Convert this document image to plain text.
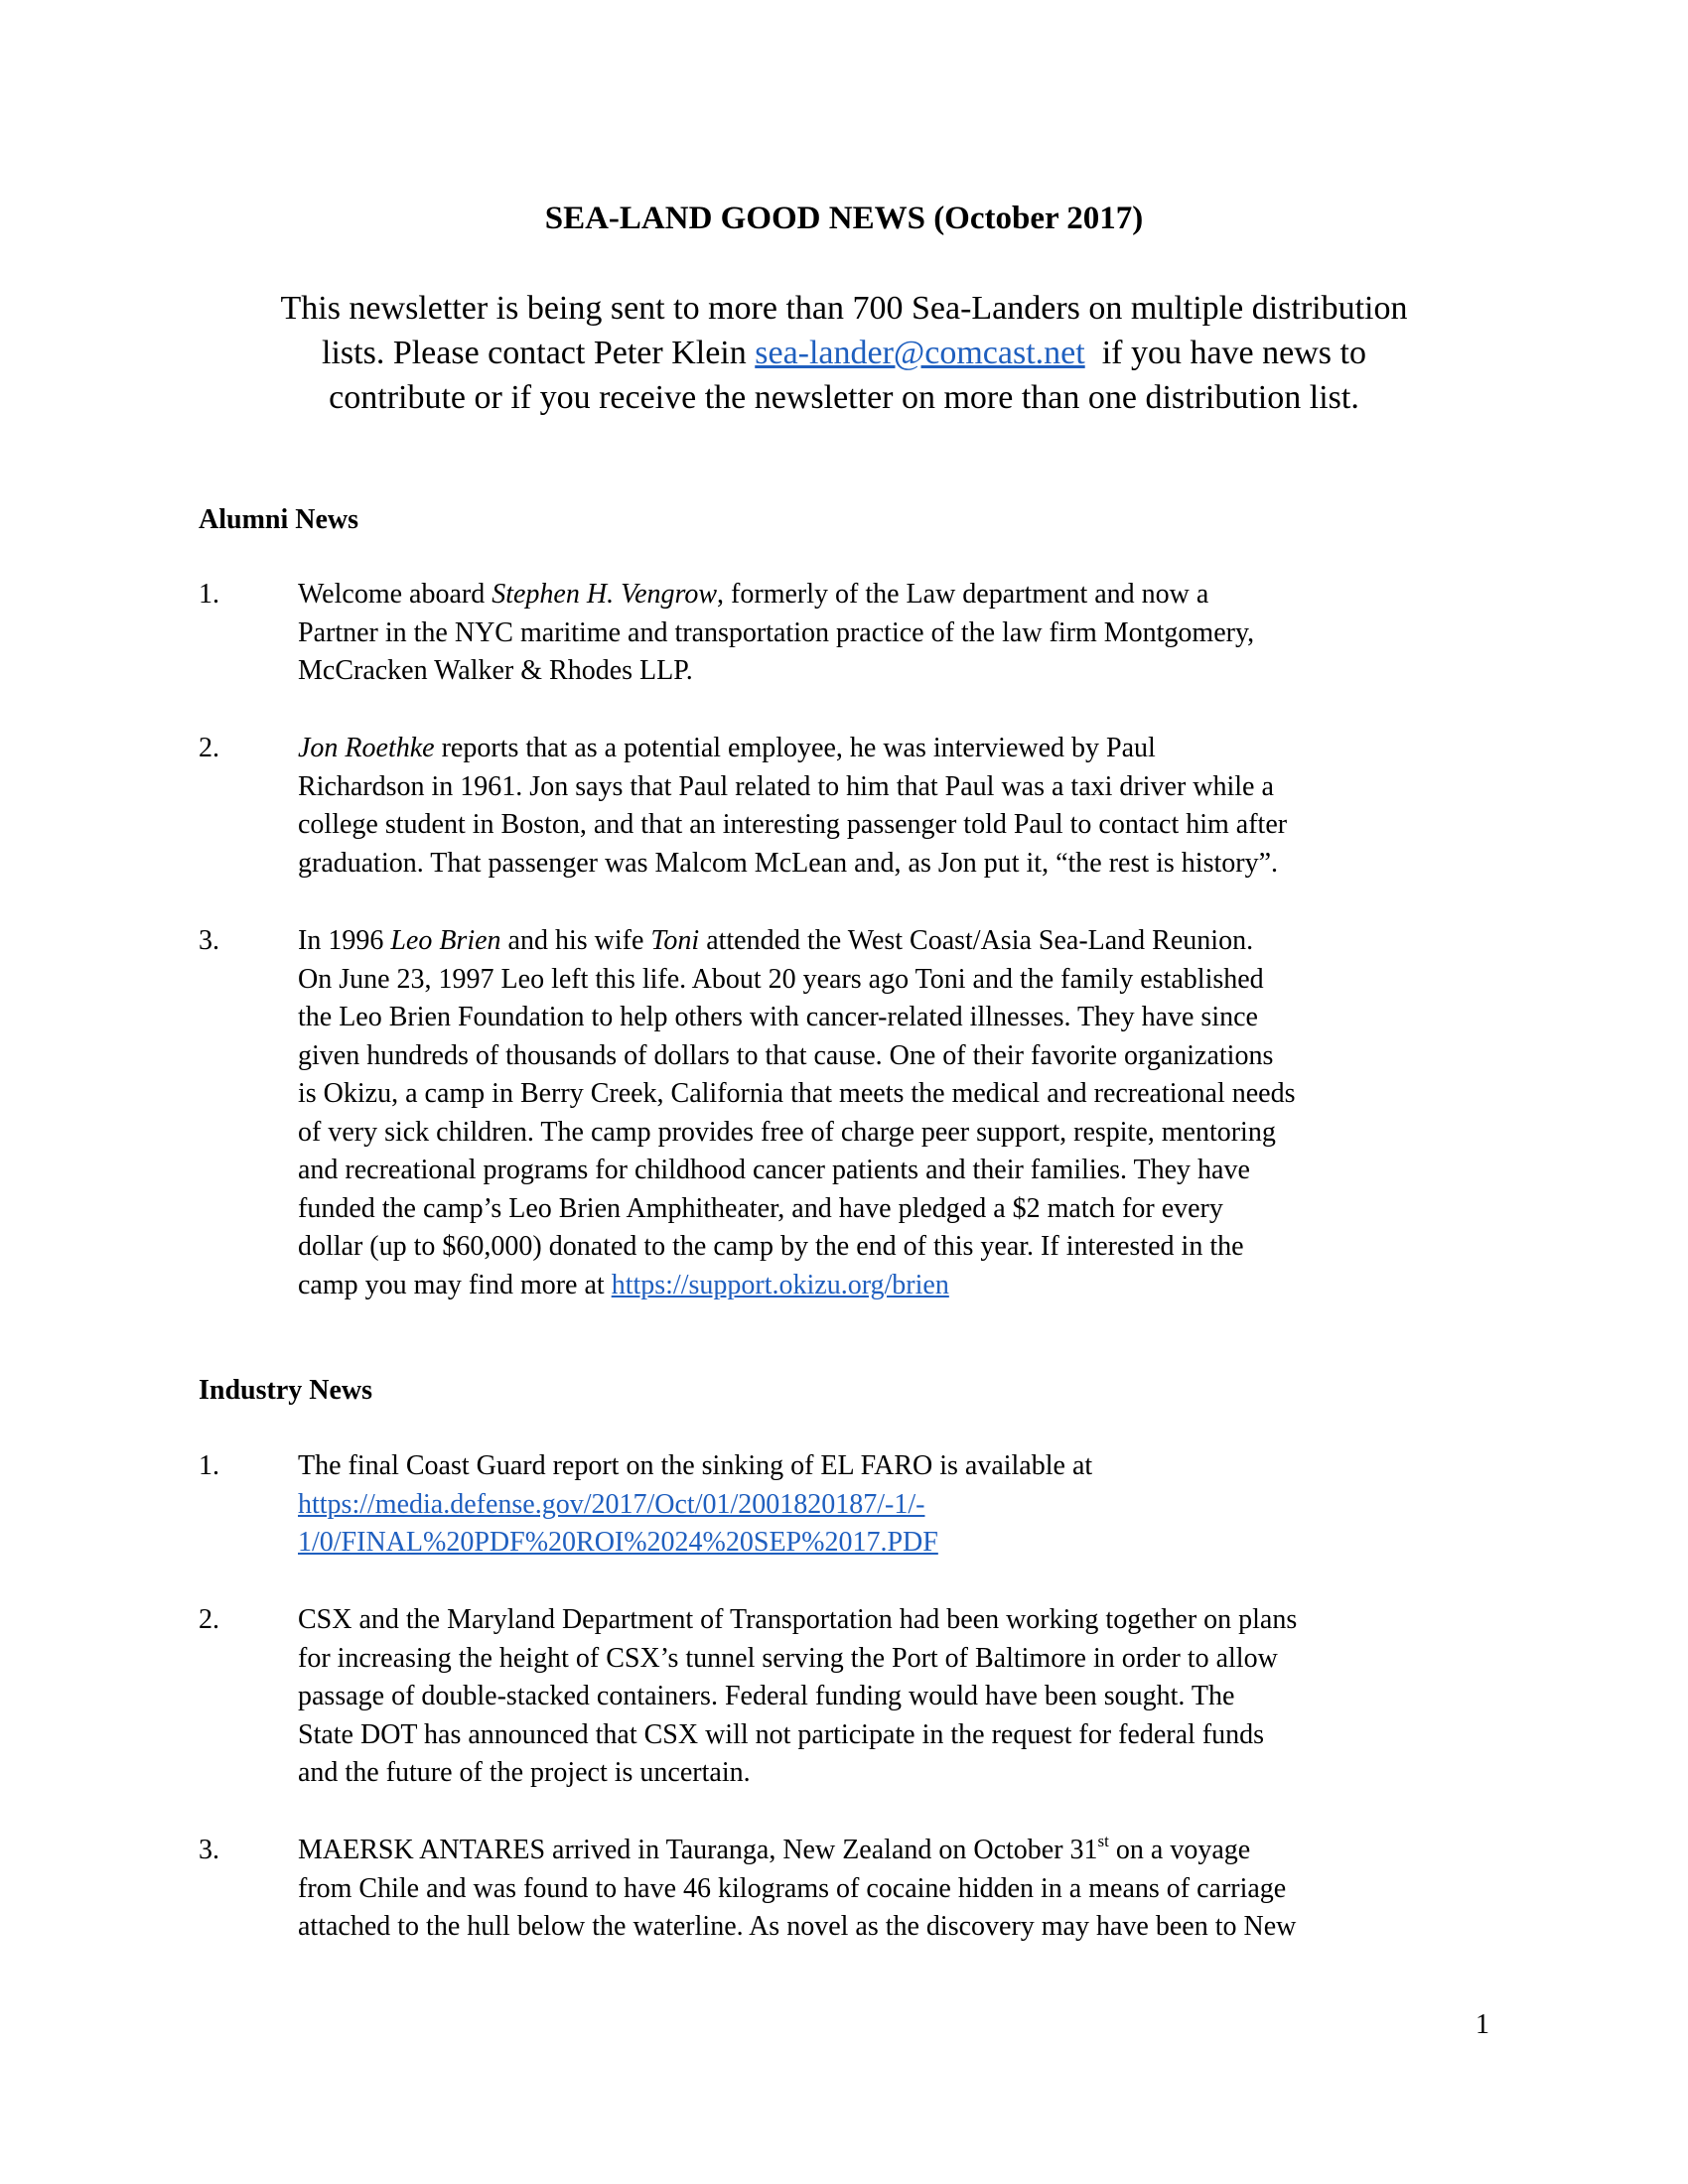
SEA-LAND GOOD NEWS (October 2017)
This newsletter is being sent to more than 700 Sea-Landers on multiple distribution
lists. Please contact Peter Klein sea-lander@comcast.net  if you have news to
contribute or if you receive the newsletter on more than one distribution list.
Alumni News
1.	Welcome aboard Stephen H. Vengrow, formerly of the Law department and now a
Partner in the NYC maritime and transportation practice of the law firm Montgomery,
McCracken Walker & Rhodes LLP.
2.	Jon Roethke reports that as a potential employee, he was interviewed by Paul
Richardson in 1961. Jon says that Paul related to him that Paul was a taxi driver while a
college student in Boston, and that an interesting passenger told Paul to contact him after
graduation. That passenger was Malcom McLean and, as Jon put it, “the rest is history”.
3.	In 1996 Leo Brien and his wife Toni attended the West Coast/Asia Sea-Land Reunion.
On June 23, 1997 Leo left this life. About 20 years ago Toni and the family established
the Leo Brien Foundation to help others with cancer-related illnesses. They have since
given hundreds of thousands of dollars to that cause. One of their favorite organizations
is Okizu, a camp in Berry Creek, California that meets the medical and recreational needs
of very sick children. The camp provides free of charge peer support, respite, mentoring
and recreational programs for childhood cancer patients and their families. They have
funded the camp’s Leo Brien Amphitheater, and have pledged a $2 match for every
dollar (up to $60,000) donated to the camp by the end of this year. If interested in the
camp you may find more at https://support.okizu.org/brien
Industry News
1.	The final Coast Guard report on the sinking of EL FARO is available at
https://media.defense.gov/2017/Oct/01/2001820187/-1/-
1/0/FINAL%20PDF%20ROI%2024%20SEP%2017.PDF
2.	CSX and the Maryland Department of Transportation had been working together on plans
for increasing the height of CSX’s tunnel serving the Port of Baltimore in order to allow
passage of double-stacked containers. Federal funding would have been sought. The
State DOT has announced that CSX will not participate in the request for federal funds
and the future of the project is uncertain.
3.	MAERSK ANTARES arrived in Tauranga, New Zealand on October 31st on a voyage
from Chile and was found to have 46 kilograms of cocaine hidden in a means of carriage
attached to the hull below the waterline. As novel as the discovery may have been to New
1
